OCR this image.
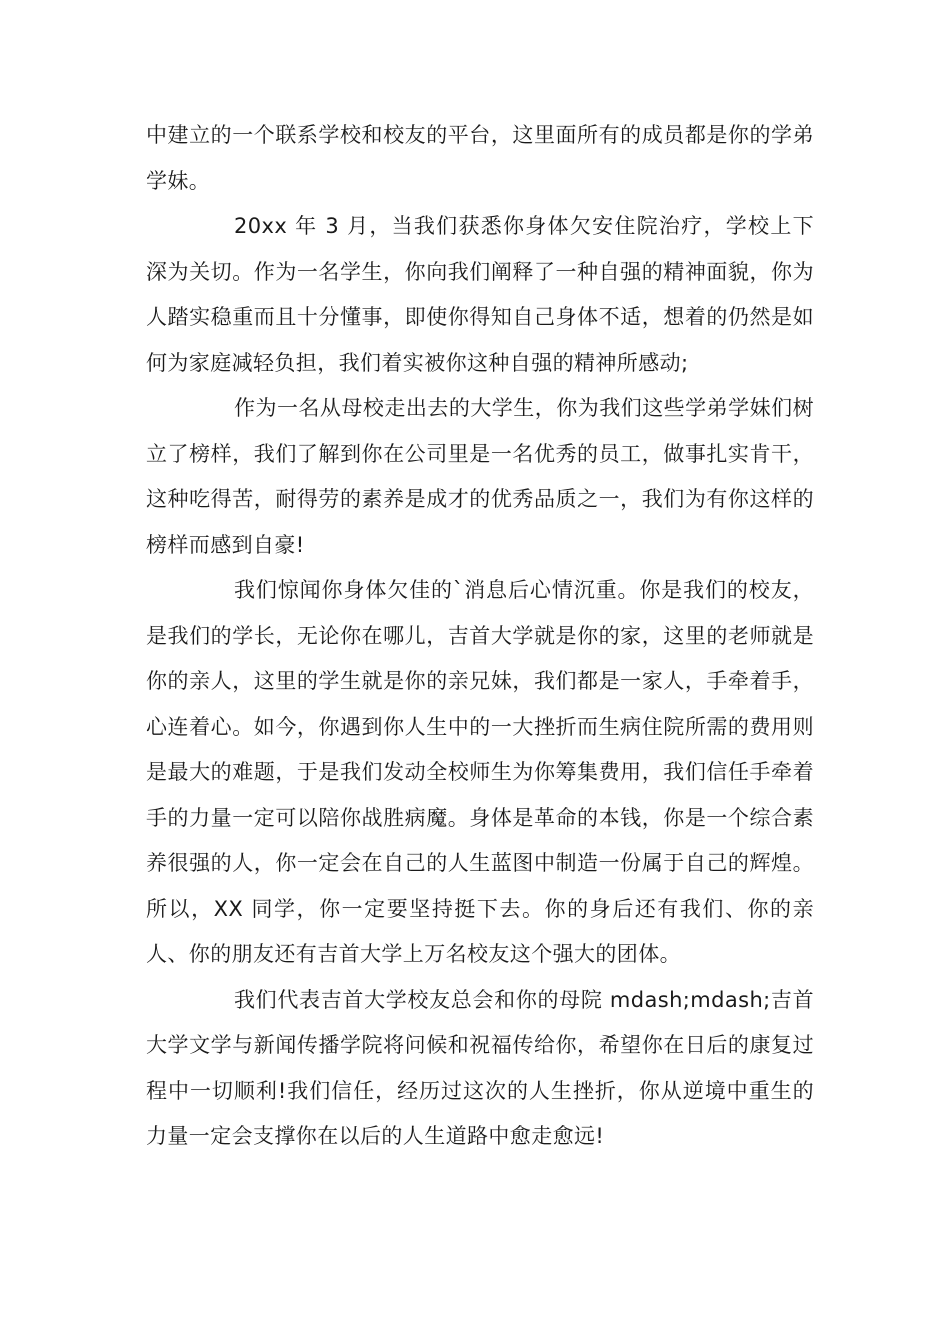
中建立的一个联系学校和校友的平台，这里面所有的成员都是你的学弟学妹。

20xx 年 3 月，当我们获悉你身体欠安住院治疗，学校上下深为关切。作为一名学生，你向我们阐释了一种自强的精神面貌，你为人踏实稳重而且十分懂事，即使你得知自己身体不适，想着的仍然是如何为家庭减轻负担，我们着实被你这种自强的精神所感动;

作为一名从母校走出去的大学生，你为我们这些学弟学妹们树立了榜样，我们了解到你在公司里是一名优秀的员工，做事扎实肯干，这种吃得苦，耐得劳的素养是成才的优秀品质之一，我们为有你这样的榜样而感到自豪!

我们惊闻你身体欠佳的`消息后心情沉重。你是我们的校友，是我们的学长，无论你在哪儿，吉首大学就是你的家，这里的老师就是你的亲人，这里的学生就是你的亲兄妹，我们都是一家人，手牵着手，心连着心。如今，你遇到你人生中的一大挫折而生病住院所需的费用则是最大的难题，于是我们发动全校师生为你筹集费用，我们信任手牵着手的力量一定可以陪你战胜病魔。身体是革命的本钱，你是一个综合素养很强的人，你一定会在自己的人生蓝图中制造一份属于自己的辉煌。所以，XX 同学，你一定要坚持挺下去。你的身后还有我们、你的亲人、你的朋友还有吉首大学上万名校友这个强大的团体。

我们代表吉首大学校友总会和你的母院 mdash;mdash;吉首大学文学与新闻传播学院将问候和祝福传给你，希望你在日后的康复过程中一切顺利!我们信任，经历过这次的人生挫折，你从逆境中重生的力量一定会支撑你在以后的人生道路中愈走愈远!
